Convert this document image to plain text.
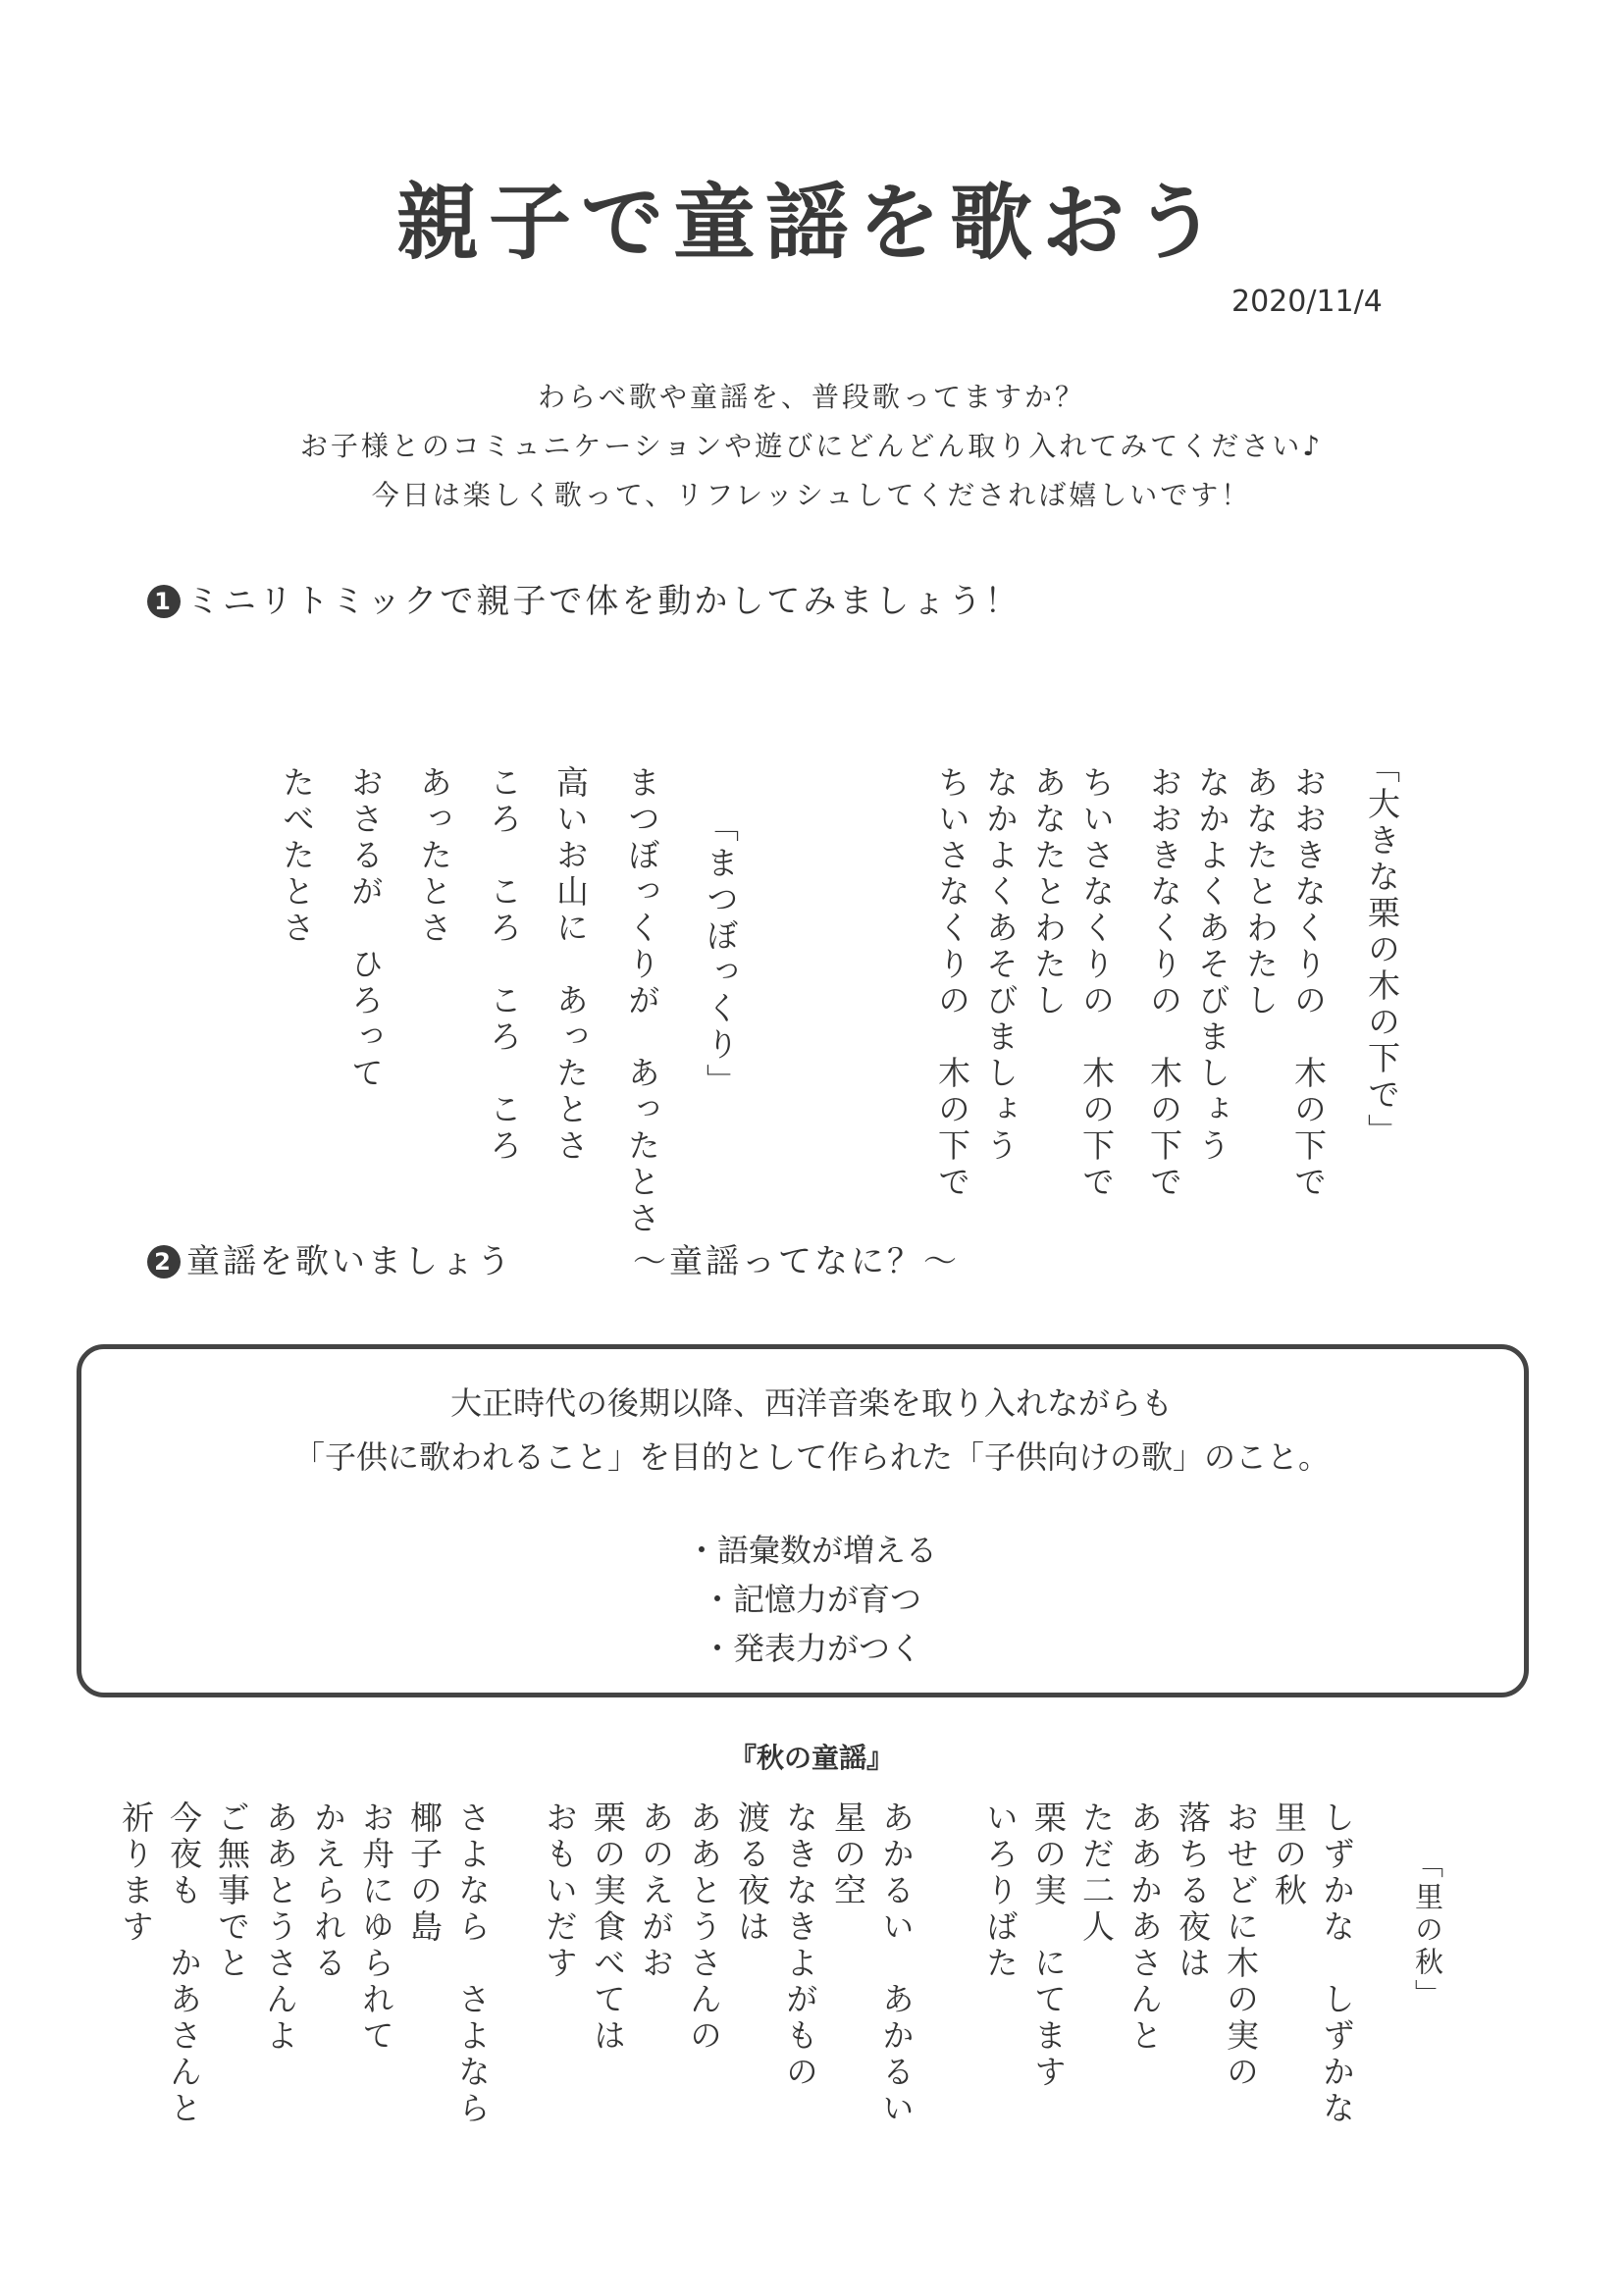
親子で童謡を歌おう
2020/11/4
わらべ歌や童謡を、普段歌ってますか？
お子様とのコミュニケーションや遊びにどんどん取り入れてみてください♪
今日は楽しく歌って、リフレッシュしてくだされば嬉しいです！
1 ミニリトミックで親子で体を動かしてみましょう！
「大きな栗の木の下で」
おおきなくりの　木の下で
あなたとわたし
なかよくあそびましょう
おおきなくりの　木の下で
ちいさなくりの　木の下で
あなたとわたし
なかよくあそびましょう
ちいさなくりの　木の下で
「まつぼっくり」
まつぼっくりが　あったとさ
高いお山に　あったとさ
ころ　ころ　ころ　ころ
あったとさ
おさるが　ひろって
たべたとさ
2 童謡を歌いましょう	～童謡ってなに？～
大正時代の後期以降、西洋音楽を取り入れながらも
「子供に歌われること」を目的として作られた「子供向けの歌」のこと。
・語彙数が増える
・記憶力が育つ
・発表力がつく
『秋の童謡』
「里の秋」
しずかな　しずかな
里の秋
おせどに木の実の
落ちる夜は
ああかあさんと
ただ二人
栗の実　にてます
いろりばた
あかるい　あかるい
星の空
なきなきよがもの
渡る夜は
ああとうさんの
あのえがお
栗の実食べては
おもいだす
さよなら　さよなら
椰子の島
お舟にゆられて
かえられる
ああとうさんよ
ご無事でと
今夜も　かあさんと
祈ります
